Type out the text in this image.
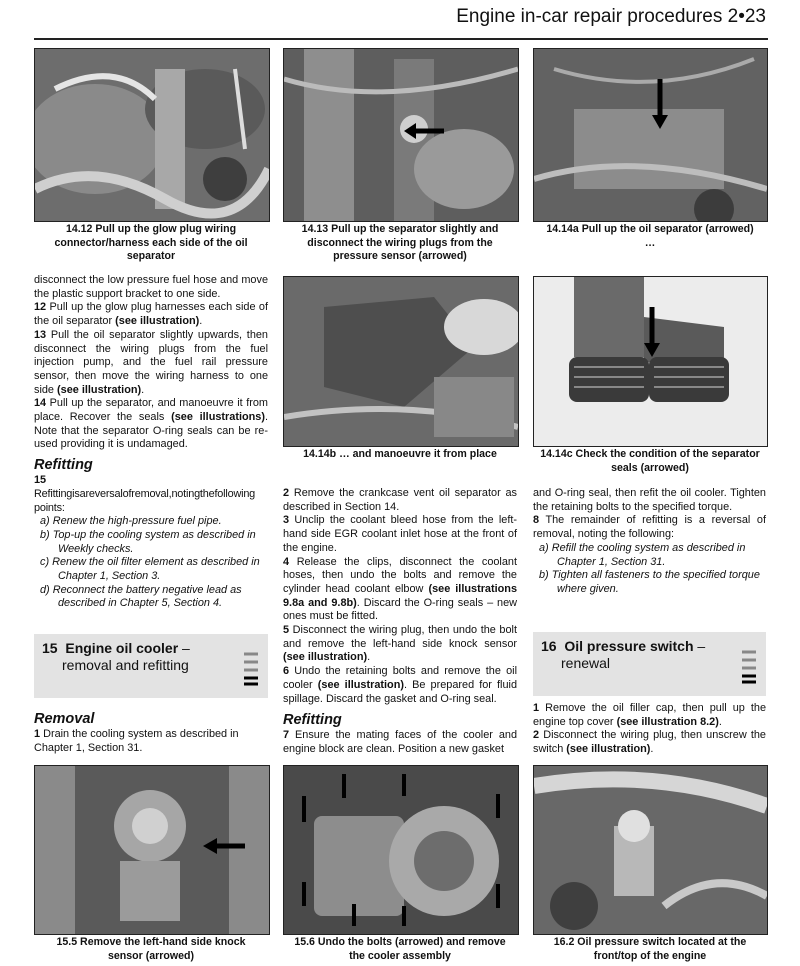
Engine in-car repair procedures 2•23
14.12 Pull up the glow plug wiring connector/harness each side of the oil separator
14.13 Pull up the separator slightly and disconnect the wiring plugs from the pressure sensor (arrowed)
14.14a Pull up the oil separator (arrowed) …
14.14b … and manoeuvre it from place	14.14c Check the condition of the separator seals (arrowed)

disconnect the low pressure fuel hose and move the plastic support bracket to one side.

12 Pull up the glow plug harnesses each side of the oil separator (see illustration).

13 Pull the oil separator slightly upwards, then disconnect the wiring plugs from the fuel injection pump, and the fuel rail pressure sensor, then move the wiring harness to one side (see illustration).

14 Pull up the separator, and manoeuvre it from place. Recover the seals (see illustrations). Note that the separator O-ring seals can be re-used providing it is undamaged.

Refitting

15
Refittingisareversalofremoval,notingthefollowing points:

a) Renew the high-pressure fuel pipe.
b) Top-up the cooling system as described in Weekly checks.
c) Renew the oil filter element as described in Chapter 1, Section 3.
d) Reconnect the battery negative lead as described in Chapter 5, Section 4.
15 Engine oil cooler –
removal and refitting
Removal

1 Drain the cooling system as described in Chapter 1, Section 31.

2 Remove the crankcase vent oil separator as described in Section 14.

3 Unclip the coolant bleed hose from the left-hand side EGR coolant inlet hose at the front of the engine.

4 Release the clips, disconnect the coolant hoses, then undo the bolts and remove the cylinder head coolant elbow (see illustrations 9.8a and 9.8b). Discard the O-ring seals – new ones must be fitted.

5 Disconnect the wiring plug, then undo the bolt and remove the left-hand side knock sensor (see illustration).

6 Undo the retaining bolts and remove the oil cooler (see illustration). Be prepared for fluid spillage. Discard the gasket and O-ring seal.

Refitting

7 Ensure the mating faces of the cooler and engine block are clean. Position a new gasket

and O-ring seal, then refit the oil cooler. Tighten the retaining bolts to the specified torque.

8 The remainder of refitting is a reversal of removal, noting the following:

a) Refill the cooling system as described in Chapter 1, Section 31.
b) Tighten all fasteners to the specified torque where given.
16 Oil pressure switch –
renewal

1 Remove the oil filler cap, then pull up the engine top cover (see illustration 8.2).

2 Disconnect the wiring plug, then unscrew the switch (see illustration).

15.5 Remove the left-hand side knock sensor (arrowed)
15.6 Undo the bolts (arrowed) and remove the cooler assembly
16.2 Oil pressure switch located at the front/top of the engine
